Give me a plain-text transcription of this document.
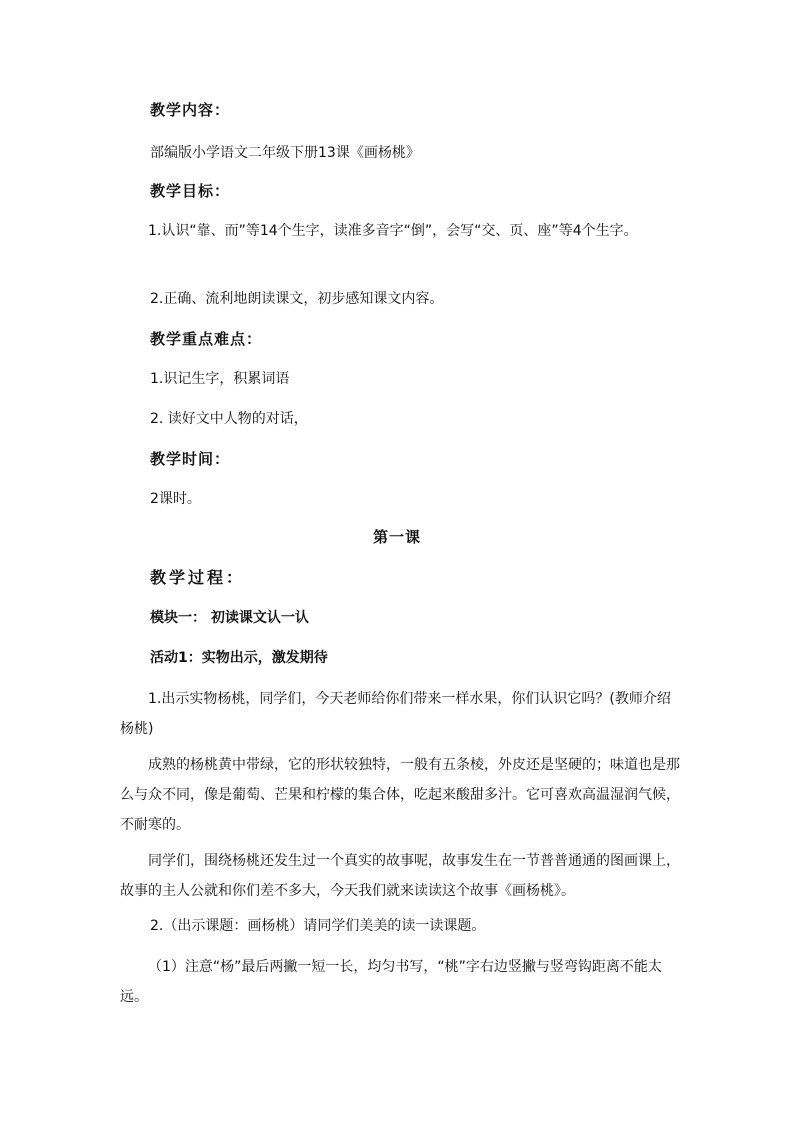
教学内容：
部编版小学语文二年级下册13课《画杨桃》
教学目标：
1.认识“靠、而”等14个生字，读准多音字“倒”，会写“交、页、座”等4个生字。
2.正确、流利地朗读课文，初步感知课文内容。
教学重点难点：
1.识记生字，积累词语
2. 读好文中人物的对话，
教学时间：
2课时。
第一课
教学过程：
模块一： 初读课文认一认
活动1：实物出示，激发期待
1.出示实物杨桃，同学们，今天老师给你们带来一样水果，你们认识它吗？(教师介绍杨桃)
成熟的杨桃黄中带绿，它的形状较独特，一般有五条棱，外皮还是坚硬的；味道也是那么与众不同，像是葡萄、芒果和柠檬的集合体，吃起来酸甜多汁。它可喜欢高温湿润气候，不耐寒的。
同学们，围绕杨桃还发生过一个真实的故事呢，故事发生在一节普普通通的图画课上，故事的主人公就和你们差不多大，今天我们就来读读这个故事《画杨桃》。
2.（出示课题：画杨桃）请同学们美美的读一读课题。
（1）注意“杨”最后两撇一短一长，均匀书写，“桃”字右边竖撇与竖弯钩距离不能太远。
